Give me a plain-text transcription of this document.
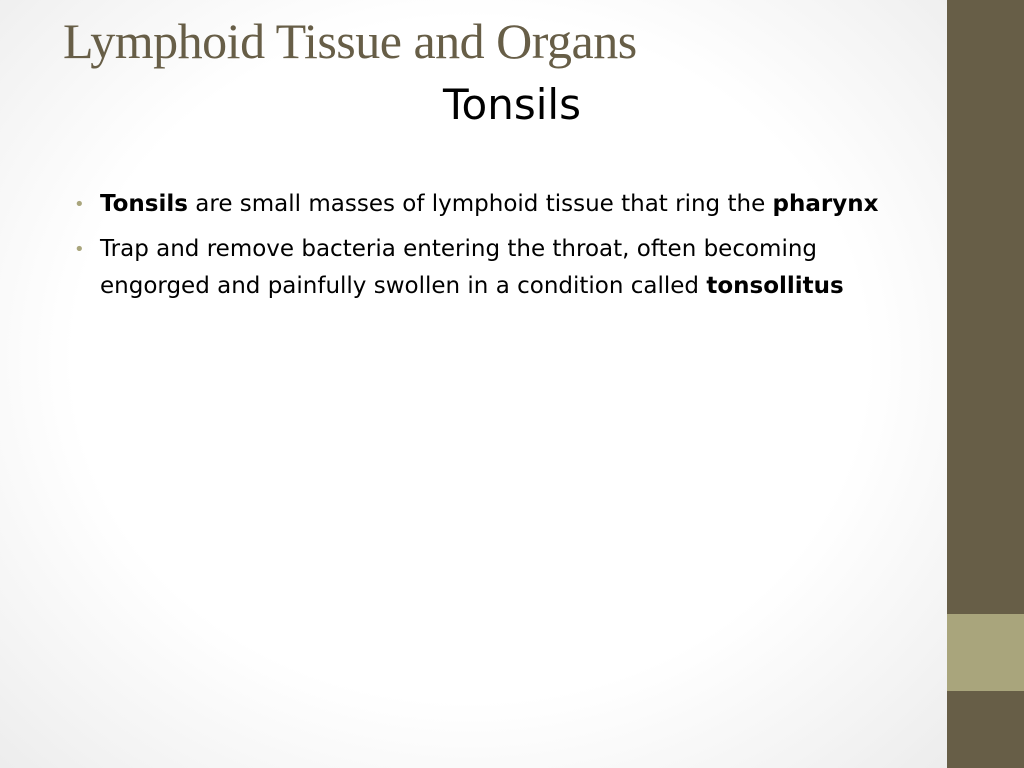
Lymphoid Tissue and Organs
Tonsils
• Tonsils are small masses of lymphoid tissue that ring the pharynx
• Trap and remove bacteria entering the throat, often becoming engorged and painfully swollen in a condition called tonsollitus
